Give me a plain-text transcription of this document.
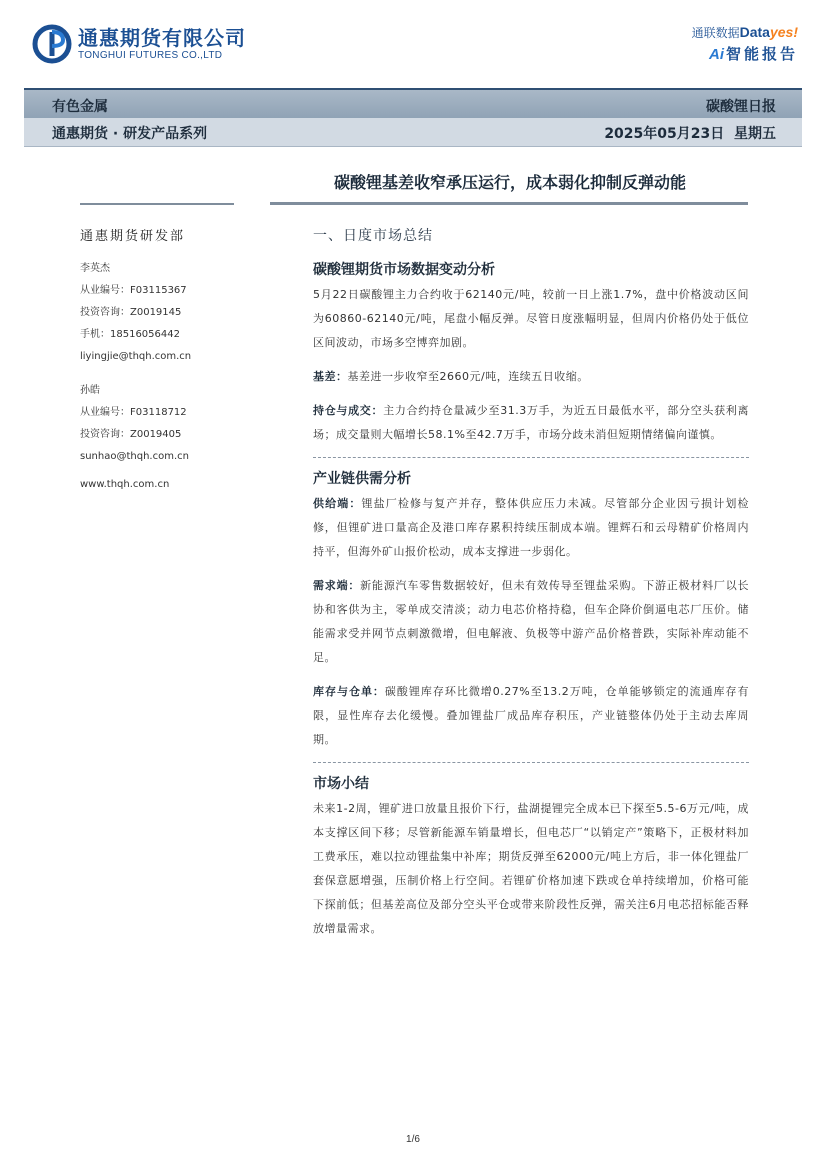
通惠期货有限公司
TONGHUI FUTURES CO.,LTD
通联数据Datayes!
Ai 智能报告
有色金属	碳酸锂日报
通惠期货 · 研发产品系列	2025年05月23日  星期五
碳酸锂基差收窄承压运行，成本弱化抑制反弹动能
通惠期货研发部
李英杰
从业编号：F03115367
投资咨询：Z0019145
手机：18516056442
liyingjie@thqh.com.cn
孙皓
从业编号：F03118712
投资咨询：Z0019405
sunhao@thqh.com.cn
www.thqh.com.cn
一、日度市场总结
碳酸锂期货市场数据变动分析

5月22日碳酸锂主力合约收于62140元/吨，较前一日上涨1.7%，盘中价格波动区间为60860-62140元/吨，尾盘小幅反弹。尽管日度涨幅明显，但周内价格仍处于低位区间波动，市场多空博弈加剧。

基差：基差进一步收窄至2660元/吨，连续五日收缩。

持仓与成交：主力合约持仓量减少至31.3万手，为近五日最低水平，部分空头获利离场；成交量则大幅增长58.1%至42.7万手，市场分歧未消但短期情绪偏向谨慎。

产业链供需分析

供给端：锂盐厂检修与复产并存，整体供应压力未减。尽管部分企业因亏损计划检修，但锂矿进口量高企及港口库存累积持续压制成本端。锂辉石和云母精矿价格周内持平，但海外矿山报价松动，成本支撑进一步弱化。

需求端：新能源汽车零售数据较好，但未有效传导至锂盐采购。下游正极材料厂以长协和客供为主，零单成交清淡；动力电芯价格持稳，但车企降价倒逼电芯厂压价。储能需求受并网节点刺激微增，但电解液、负极等中游产品价格普跌，实际补库动能不足。

库存与仓单：碳酸锂库存环比微增0.27%至13.2万吨，仓单能够锁定的流通库存有限，显性库存去化缓慢。叠加锂盐厂成品库存积压，产业链整体仍处于主动去库周期。

市场小结

未来1-2周，锂矿进口放量且报价下行，盐湖提锂完全成本已下探至5.5-6万元/吨，成本支撑区间下移；尽管新能源车销量增长，但电芯厂“以销定产”策略下，正极材料加工费承压，难以拉动锂盐集中补库；期货反弹至62000元/吨上方后，非一体化锂盐厂套保意愿增强，压制价格上行空间。若锂矿价格加速下跌或仓单持续增加，价格可能下探前低；但基差高位及部分空头平仓或带来阶段性反弹，需关注6月电芯招标能否释放增量需求。

1/6
